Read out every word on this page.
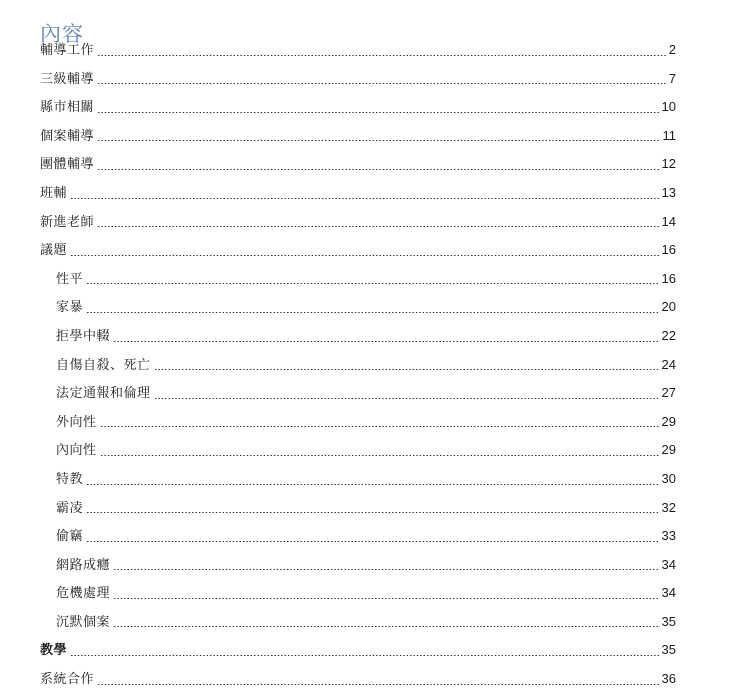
內容
輔導工作	2
三級輔導	7
縣市相關	10
個案輔導	11
團體輔導	12
班輔	13
新進老師	14
議題	16
性平	16
家暴	20
拒學中輟	22
自傷自殺、死亡	24
法定通報和倫理	27
外向性	29
內向性	29
特教	30
霸凌	32
偷竊	33
網路成癮	34
危機處理	34
沉默個案	35
教學	35
系統合作	36
